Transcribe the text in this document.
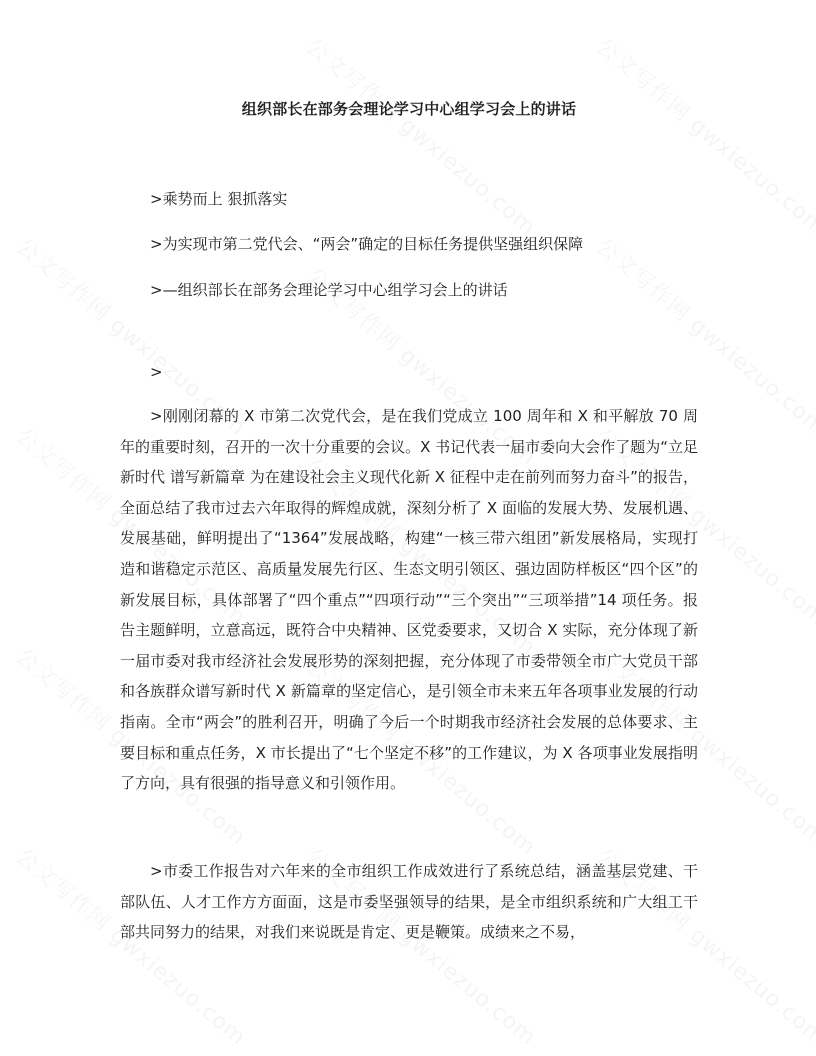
组织部长在部务会理论学习中心组学习会上的讲话
>乘势而上 狠抓落实
>为实现市第二党代会、“两会”确定的目标任务提供坚强组织保障
>—组织部长在部务会理论学习中心组学习会上的讲话
>
>刚刚闭幕的 X 市第二次党代会，是在我们党成立 100 周年和 X 和平解放 70 周年的重要时刻，召开的一次十分重要的会议。X 书记代表一届市委向大会作了题为“立足新时代 谱写新篇章 为在建设社会主义现代化新 X 征程中走在前列而努力奋斗”的报告，全面总结了我市过去六年取得的辉煌成就，深刻分析了 X 面临的发展大势、发展机遇、发展基础，鲜明提出了“1364”发展战略，构建“一核三带六组团”新发展格局，实现打造和谐稳定示范区、高质量发展先行区、生态文明引领区、强边固防样板区“四个区”的新发展目标，具体部署了“四个重点”“四项行动”“三个突出”“三项举措”14 项任务。报告主题鲜明，立意高远，既符合中央精神、区党委要求，又切合 X 实际，充分体现了新一届市委对我市经济社会发展形势的深刻把握，充分体现了市委带领全市广大党员干部和各族群众谱写新时代 X 新篇章的坚定信心，是引领全市未来五年各项事业发展的行动指南。全市“两会”的胜利召开，明确了今后一个时期我市经济社会发展的总体要求、主要目标和重点任务，X 市长提出了“七个坚定不移”的工作建议，为 X 各项事业发展指明了方向，具有很强的指导意义和引领作用。
>市委工作报告对六年来的全市组织工作成效进行了系统总结，涵盖基层党建、干部队伍、人才工作方方面面，这是市委坚强领导的结果，是全市组织系统和广大组工干部共同努力的结果，对我们来说既是肯定、更是鞭策。成绩来之不易，
